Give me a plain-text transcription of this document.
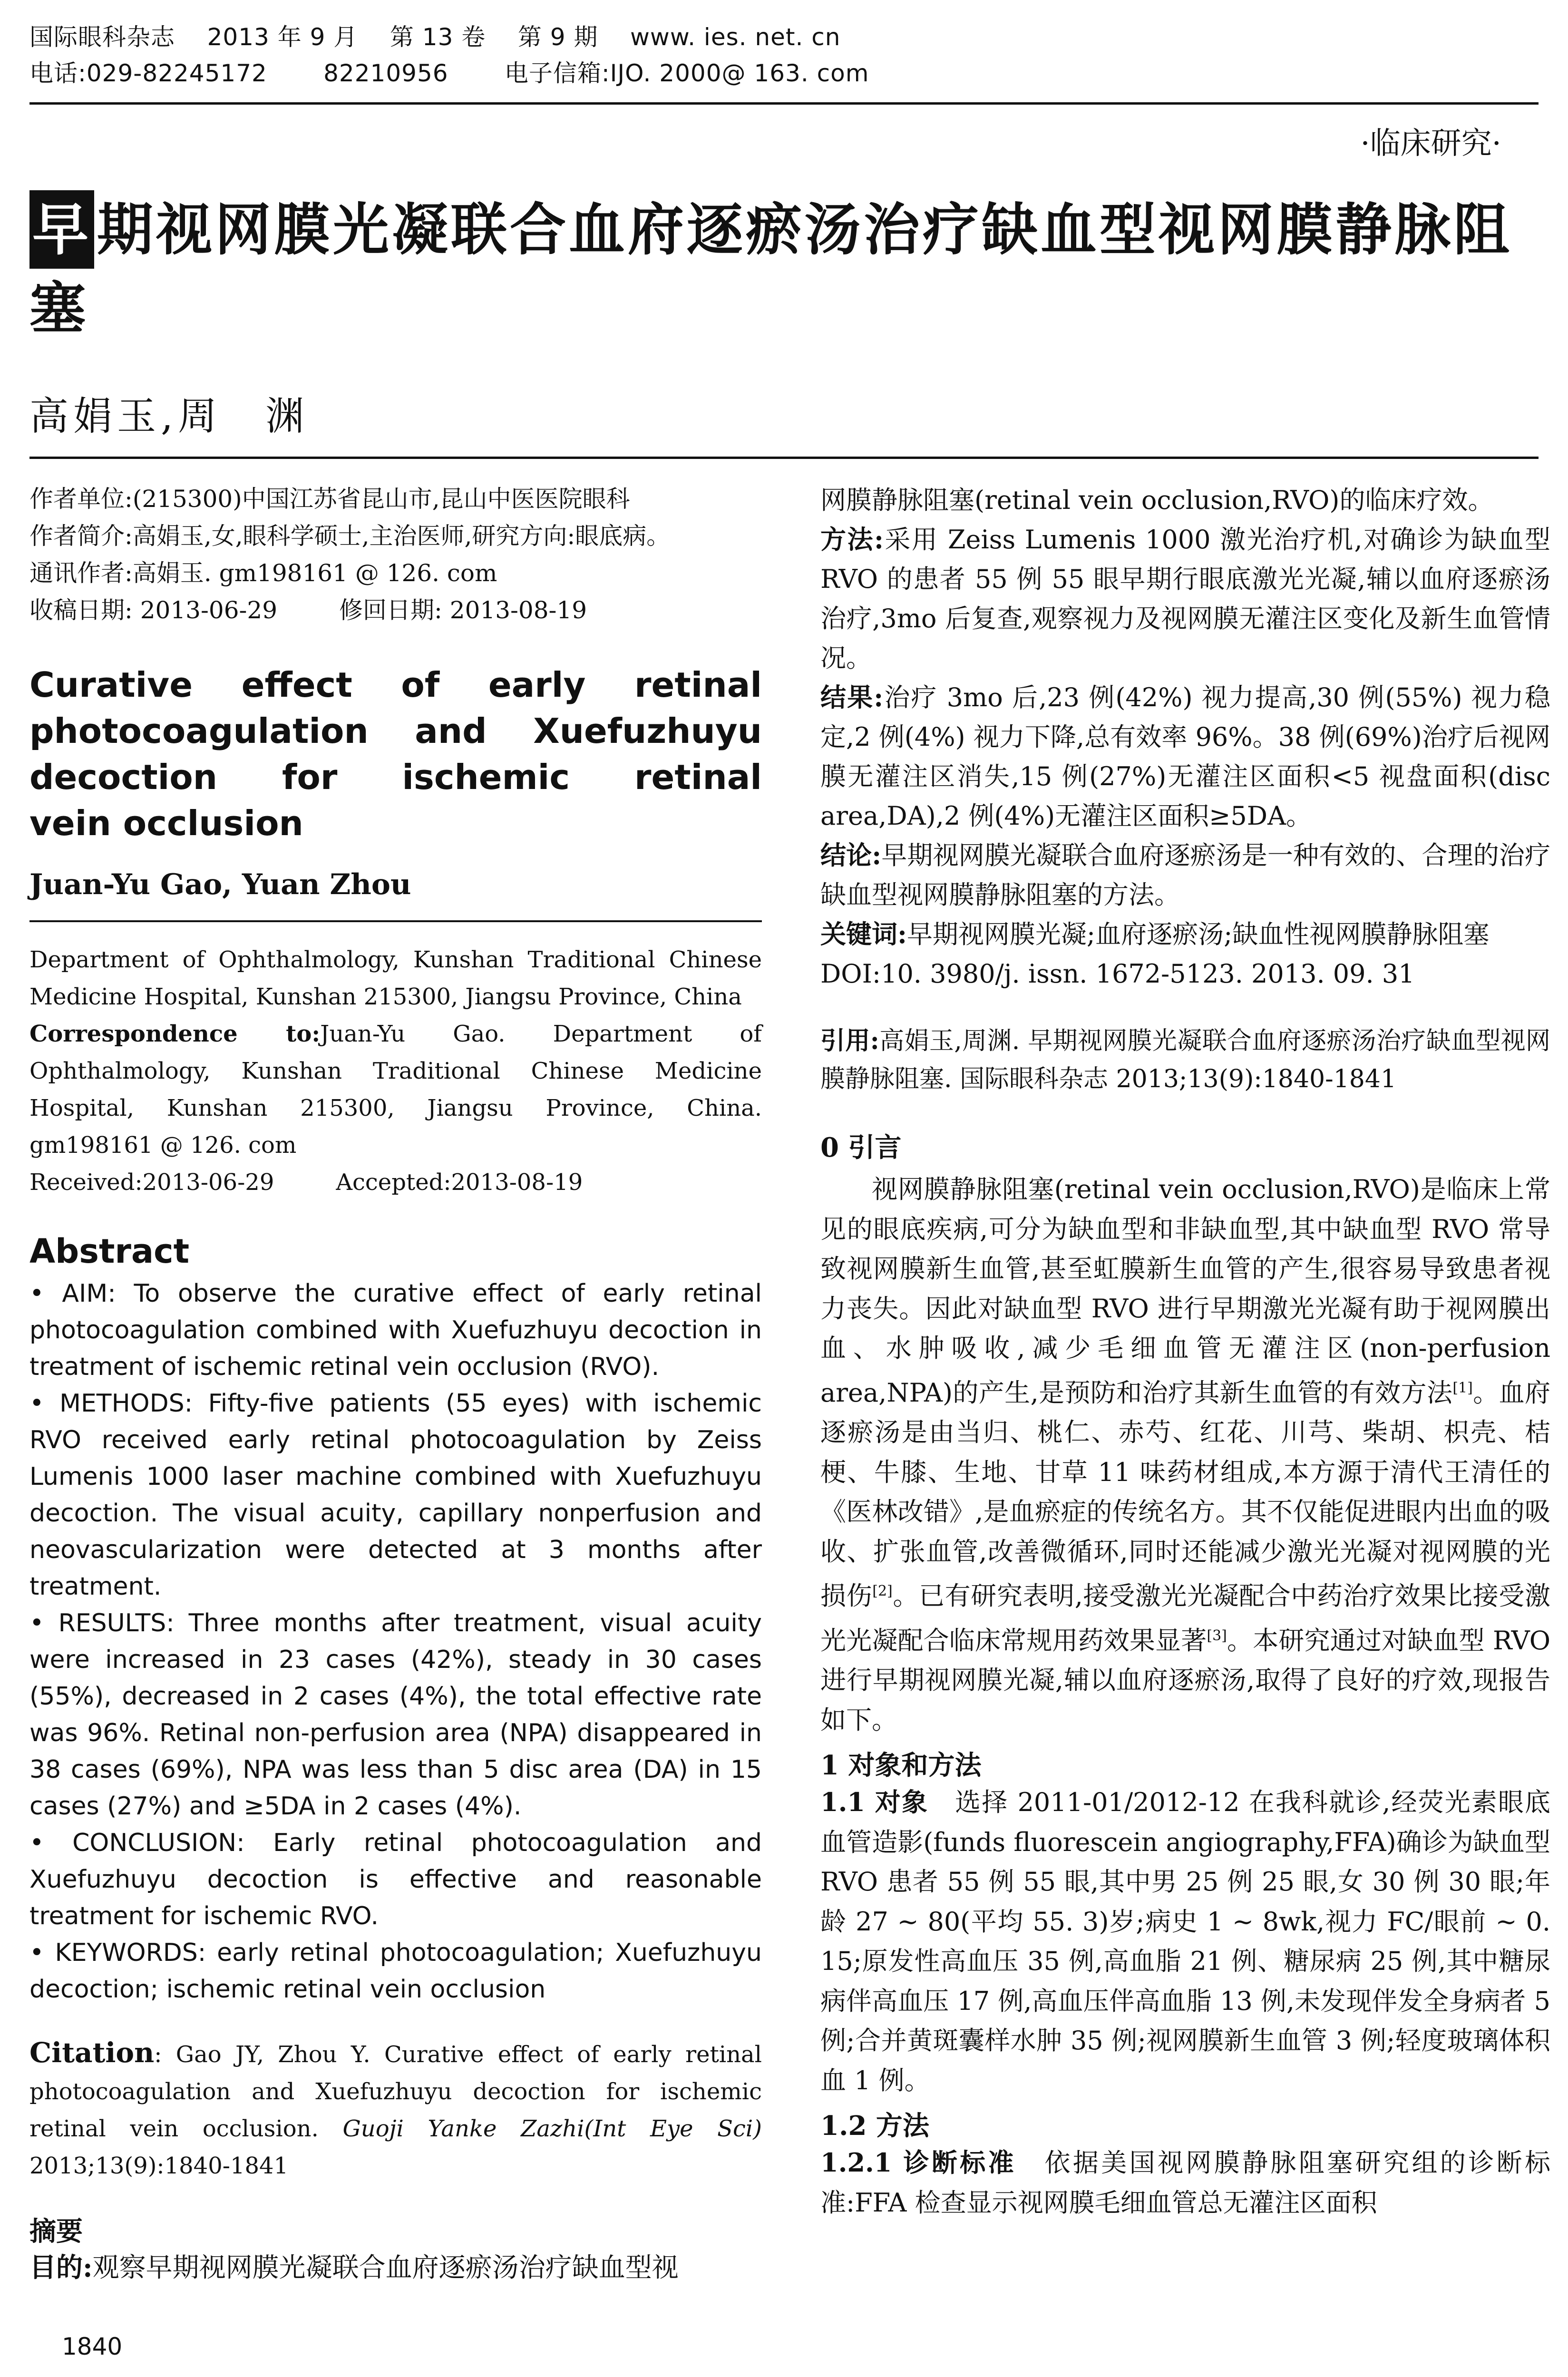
国际眼科杂志    2013 年 9 月    第 13 卷    第 9 期    www. ies. net. cn
电话:029-82245172       82210956       电子信箱:IJO. 2000@ 163. com
·临床研究·
早 期视网膜光凝联合血府逐瘀汤治疗缺血型视网膜静脉阻塞
高娟玉,周　渊

作者单位:(215300)中国江苏省昆山市,昆山中医医院眼科

作者简介:高娟玉,女,眼科学硕士,主治医师,研究方向:眼底病。

通讯作者:高娟玉. gm198161 @ 126. com

收稿日期: 2013-06-29	修回日期: 2013-08-19
Curative effect of early retinal
photocoagulation and Xuefuzhuyu
decoction for ischemic retinal
vein occlusion
Juan-Yu Gao, Yuan Zhou

Department of Ophthalmology, Kunshan Traditional Chinese Medicine Hospital, Kunshan 215300, Jiangsu Province, China

Correspondence to:Juan-Yu Gao. Department of Ophthalmology, Kunshan Traditional Chinese Medicine Hospital, Kunshan 215300, Jiangsu Province, China. gm198161 @ 126. com

Received:2013-06-29	Accepted:2013-08-19
Abstract

• AIM: To observe the curative effect of early retinal photocoagulation combined with Xuefuzhuyu decoction in treatment of ischemic retinal vein occlusion (RVO).

• METHODS: Fifty-five patients (55 eyes) with ischemic RVO received early retinal photocoagulation by Zeiss Lumenis 1000 laser machine combined with Xuefuzhuyu decoction. The visual acuity, capillary nonperfusion and neovascularization were detected at 3 months after treatment.

• RESULTS: Three months after treatment, visual acuity were increased in 23 cases (42%), steady in 30 cases (55%), decreased in 2 cases (4%), the total effective rate was 96%. Retinal non-perfusion area (NPA) disappeared in 38 cases (69%), NPA was less than 5 disc area (DA) in 15 cases (27%) and ≥5DA in 2 cases (4%).

• CONCLUSION: Early retinal photocoagulation and Xuefuzhuyu decoction is effective and reasonable treatment for ischemic RVO.

• KEYWORDS: early retinal photocoagulation; Xuefuzhuyu decoction; ischemic retinal vein occlusion

Citation: Gao JY, Zhou Y. Curative effect of early retinal photocoagulation and Xuefuzhuyu decoction for ischemic retinal vein occlusion. Guoji Yanke Zazhi(Int Eye Sci) 2013;13(9):1840-1841
摘要
目的:观察早期视网膜光凝联合血府逐瘀汤治疗缺血型视

网膜静脉阻塞(retinal vein occlusion,RVO)的临床疗效。

方法:采用 Zeiss Lumenis 1000 激光治疗机,对确诊为缺血型 RVO 的患者 55 例 55 眼早期行眼底激光光凝,辅以血府逐瘀汤治疗,3mo 后复查,观察视力及视网膜无灌注区变化及新生血管情况。

结果:治疗 3mo 后,23 例(42%) 视力提高,30 例(55%) 视力稳定,2 例(4%) 视力下降,总有效率 96%。38 例(69%)治疗后视网膜无灌注区消失,15 例(27%)无灌注区面积<5 视盘面积(disc area,DA),2 例(4%)无灌注区面积≥5DA。

结论:早期视网膜光凝联合血府逐瘀汤是一种有效的、合理的治疗缺血型视网膜静脉阻塞的方法。

关键词:早期视网膜光凝;血府逐瘀汤;缺血性视网膜静脉阻塞

DOI:10. 3980/j. issn. 1672-5123. 2013. 09. 31

引用:高娟玉,周渊. 早期视网膜光凝联合血府逐瘀汤治疗缺血型视网膜静脉阻塞. 国际眼科杂志 2013;13(9):1840-1841
0 引言

视网膜静脉阻塞(retinal vein occlusion,RVO)是临床上常见的眼底疾病,可分为缺血型和非缺血型,其中缺血型 RVO 常导致视网膜新生血管,甚至虹膜新生血管的产生,很容易导致患者视力丧失。因此对缺血型 RVO 进行早期激光光凝有助于视网膜出血、水肿吸收,减少毛细血管无灌注区(non-perfusion area,NPA)的产生,是预防和治疗其新生血管的有效方法[1]。血府逐瘀汤是由当归、桃仁、赤芍、红花、川芎、柴胡、枳壳、桔梗、牛膝、生地、甘草 11 味药材组成,本方源于清代王清任的《医林改错》,是血瘀症的传统名方。其不仅能促进眼内出血的吸收、扩张血管,改善微循环,同时还能减少激光光凝对视网膜的光损伤[2]。已有研究表明,接受激光光凝配合中药治疗效果比接受激光光凝配合临床常规用药效果显著[3]。本研究通过对缺血型 RVO 进行早期视网膜光凝,辅以血府逐瘀汤,取得了良好的疗效,现报告如下。

1 对象和方法

1.1 对象　选择 2011-01/2012-12 在我科就诊,经荧光素眼底血管造影(funds fluorescein angiography,FFA)确诊为缺血型 RVO 患者 55 例 55 眼,其中男 25 例 25 眼,女 30 例 30 眼;年龄 27 ~ 80(平均 55. 3)岁;病史 1 ~ 8wk,视力 FC/眼前 ~ 0. 15;原发性高血压 35 例,高血脂 21 例、糖尿病 25 例,其中糖尿病伴高血压 17 例,高血压伴高血脂 13 例,未发现伴发全身病者 5 例;合并黄斑囊样水肿 35 例;视网膜新生血管 3 例;轻度玻璃体积血 1 例。

1.2 方法

1.2.1 诊断标准　依据美国视网膜静脉阻塞研究组的诊断标准:FFA 检查显示视网膜毛细血管总无灌注区面积

1840
